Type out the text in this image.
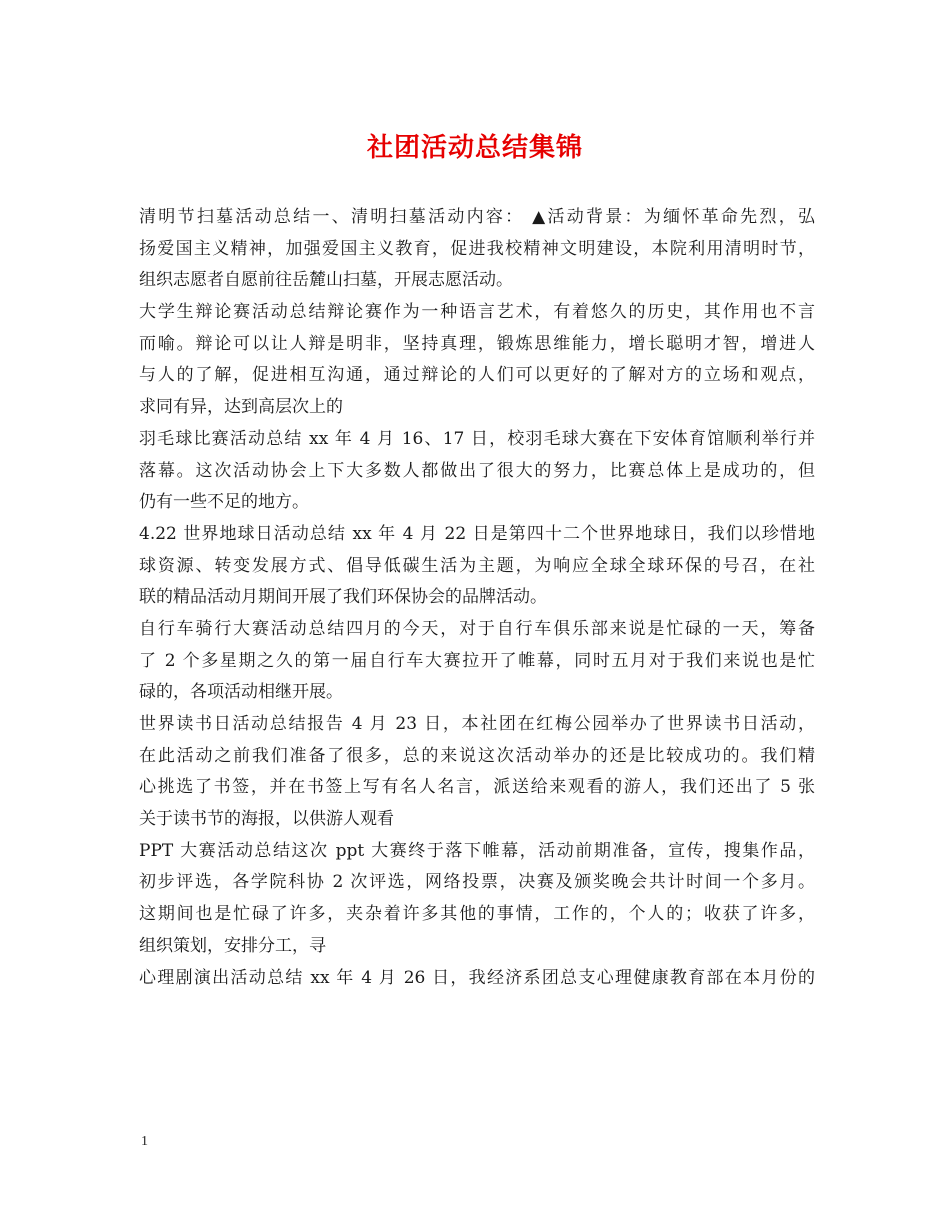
社团活动总结集锦
清明节扫墓活动总结一、清明扫墓活动内容： ▲活动背景：为缅怀革命先烈，弘
扬爱国主义精神，加强爱国主义教育，促进我校精神文明建设，本院利用清明时节，
组织志愿者自愿前往岳麓山扫墓，开展志愿活动。
大学生辩论赛活动总结辩论赛作为一种语言艺术，有着悠久的历史，其作用也不言
而喻。辩论可以让人辩是明非，坚持真理，锻炼思维能力，增长聪明才智，增进人
与人的了解，促进相互沟通，通过辩论的人们可以更好的了解对方的立场和观点，
求同有异，达到高层次上的
羽毛球比赛活动总结 xx 年 4 月 16、17 日，校羽毛球大赛在下安体育馆顺利举行并
落幕。这次活动协会上下大多数人都做出了很大的努力，比赛总体上是成功的，但
仍有一些不足的地方。
4.22 世界地球日活动总结 xx 年 4 月 22 日是第四十二个世界地球日，我们以珍惜地
球资源、转变发展方式、倡导低碳生活为主题，为响应全球全球环保的号召，在社
联的精品活动月期间开展了我们环保协会的品牌活动。
自行车骑行大赛活动总结四月的今天，对于自行车俱乐部来说是忙碌的一天，筹备
了 2 个多星期之久的第一届自行车大赛拉开了帷幕，同时五月对于我们来说也是忙
碌的，各项活动相继开展。
世界读书日活动总结报告 4 月 23 日，本社团在红梅公园举办了世界读书日活动，
在此活动之前我们准备了很多，总的来说这次活动举办的还是比较成功的。我们精
心挑选了书签，并在书签上写有名人名言，派送给来观看的游人，我们还出了 5 张
关于读书节的海报，以供游人观看
PPT 大赛活动总结这次 ppt 大赛终于落下帷幕，活动前期准备，宣传，搜集作品，
初步评选，各学院科协 2 次评选，网络投票，决赛及颁奖晚会共计时间一个多月。
这期间也是忙碌了许多，夹杂着许多其他的事情，工作的，个人的；收获了许多，
组织策划，安排分工，寻
心理剧演出活动总结 xx 年 4 月 26 日，我经济系团总支心理健康教育部在本月份的
1
